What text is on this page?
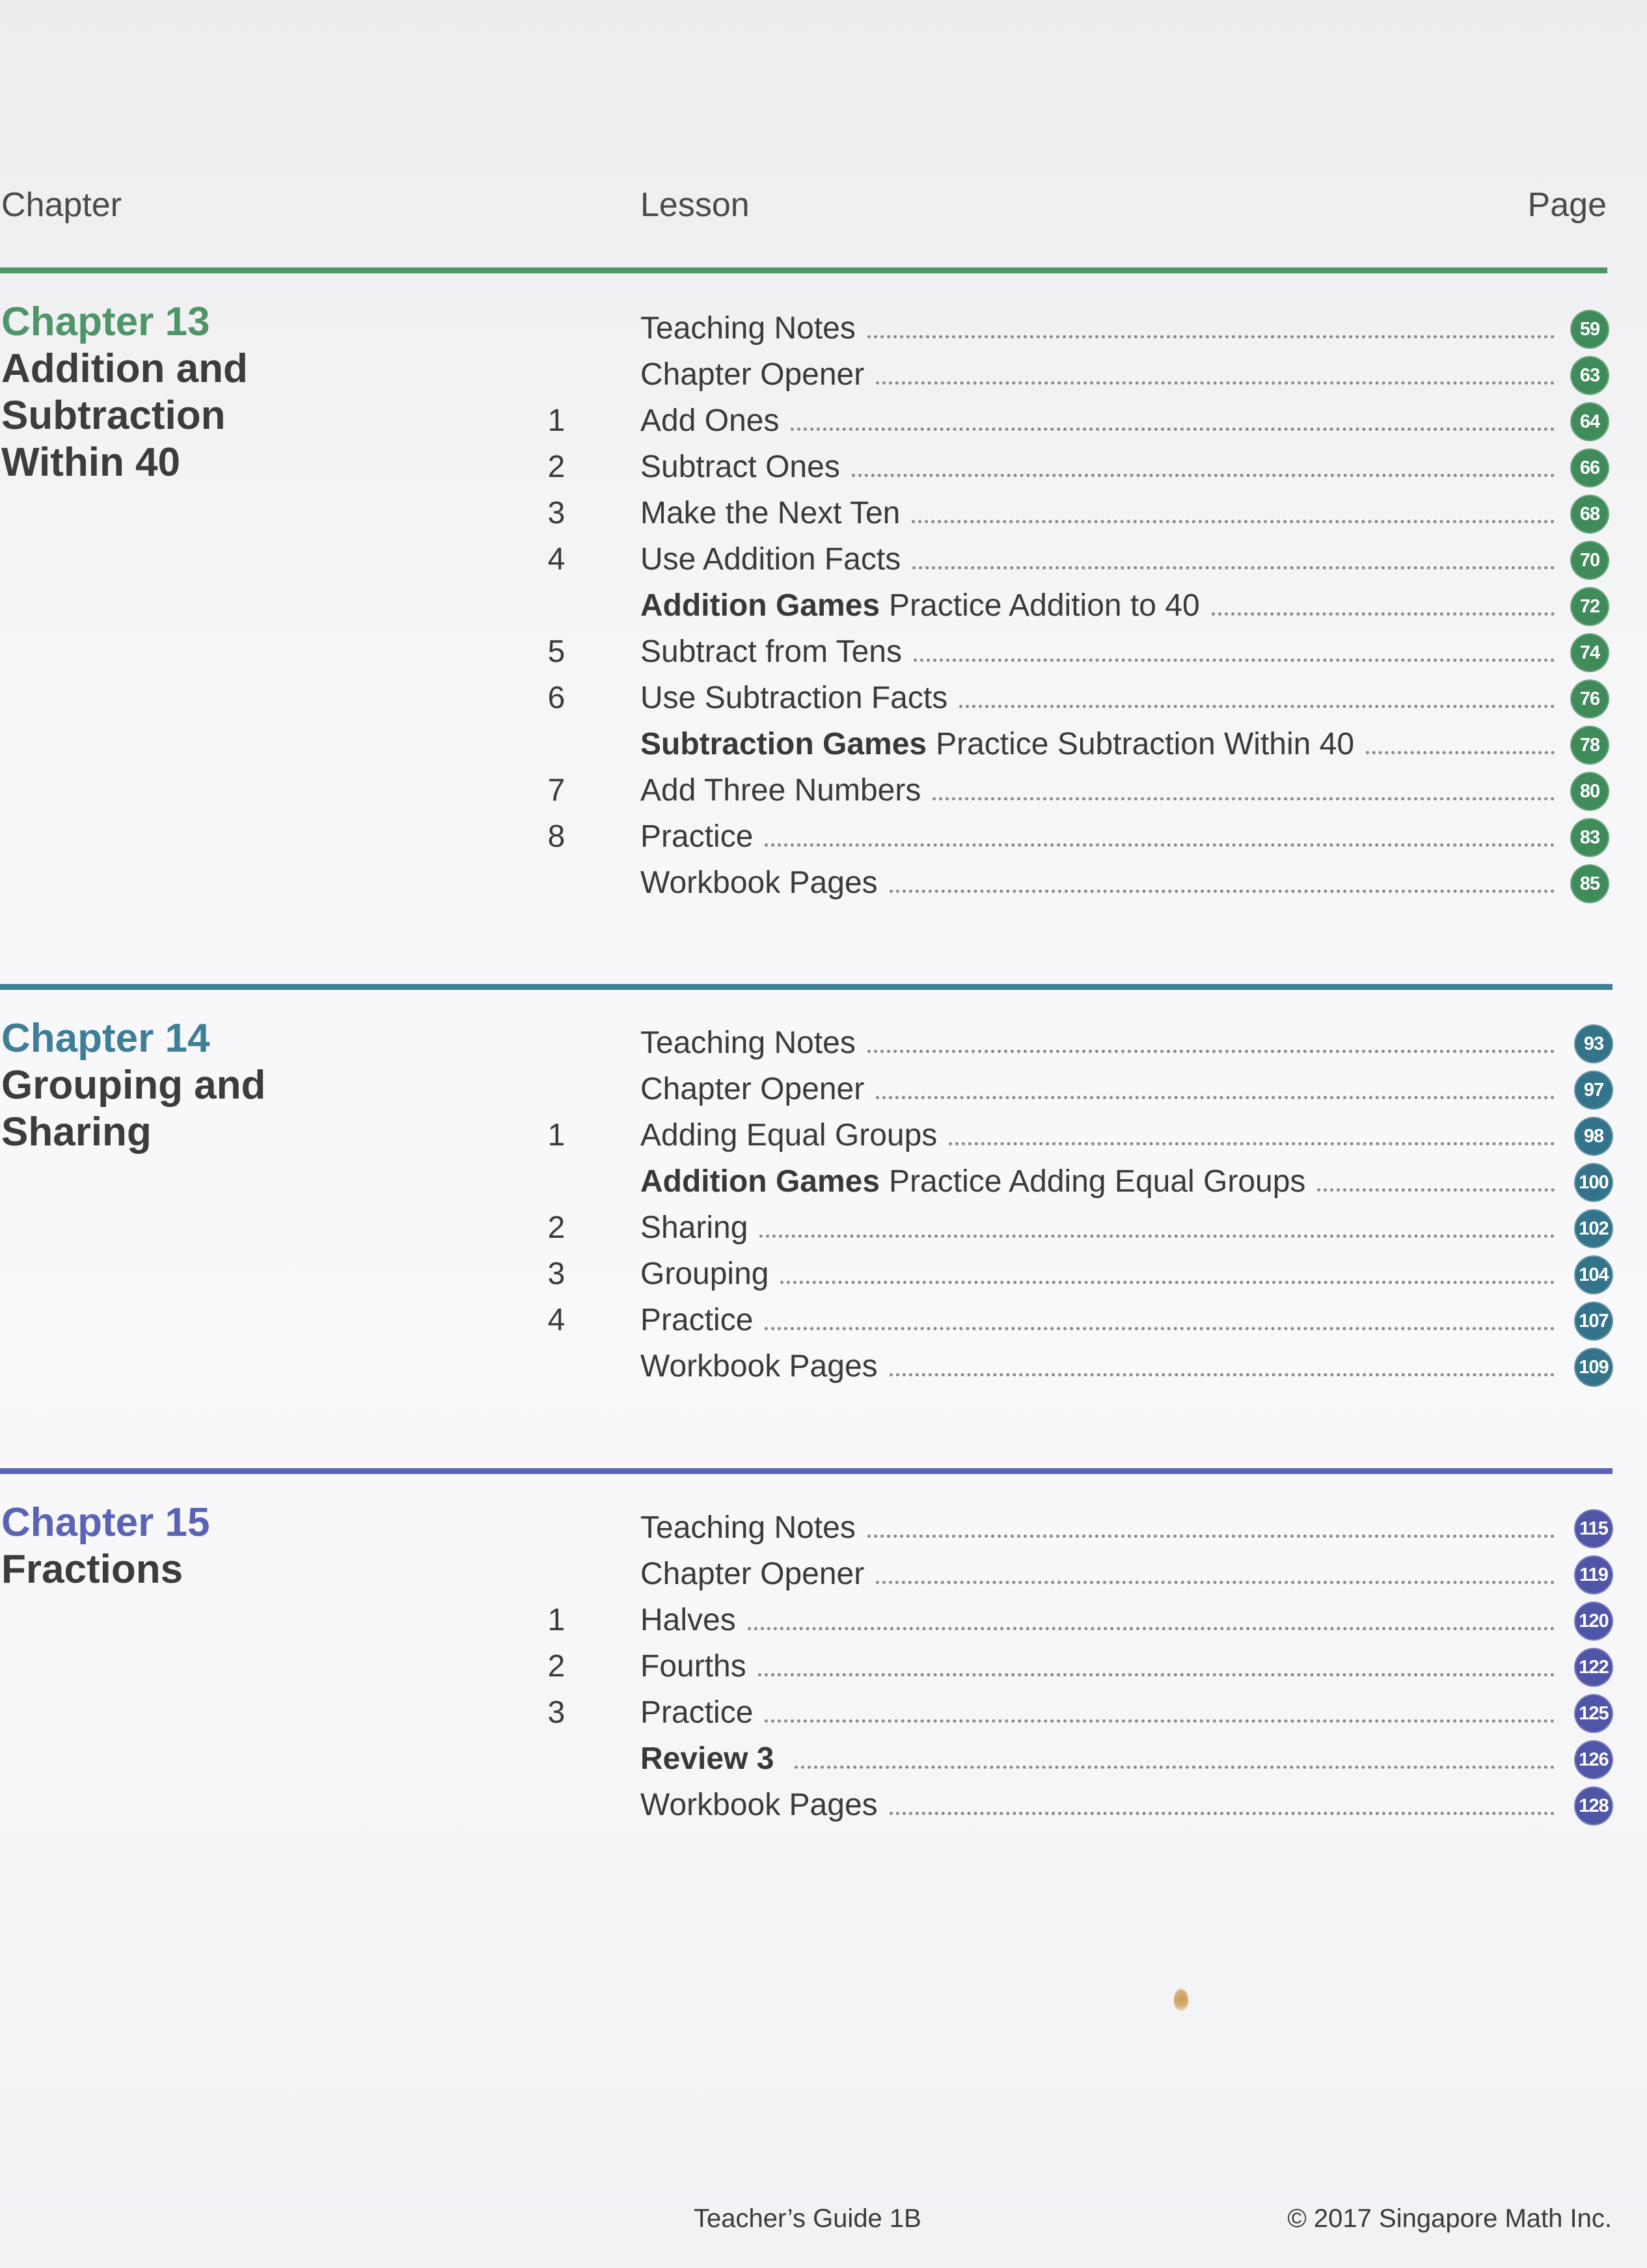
Chapter	Lesson	Page
Chapter 13
Addition and
Subtraction
Within 40
Teaching Notes	59
Chapter Opener	63
1 Add Ones	64
2 Subtract Ones	66
3 Make the Next Ten	68
4 Use Addition Facts	70
Addition Games Practice Addition to 40	72
5 Subtract from Tens	74
6 Use Subtraction Facts	76
Subtraction Games Practice Subtraction Within 40	78
7 Add Three Numbers	80
8 Practice	83
Workbook Pages	85
Chapter 14
Grouping and
Sharing
Teaching Notes	93
Chapter Opener	97
1 Adding Equal Groups	98
Addition Games Practice Adding Equal Groups	100
2 Sharing	102
3 Grouping	104
4 Practice	107
Workbook Pages	109
Chapter 15
Fractions
Teaching Notes	115
Chapter Opener	119
1 Halves	120
2 Fourths	122
3 Practice	125
Review 3	126
Workbook Pages	128
Teacher’s Guide 1B	© 2017 Singapore Math Inc.
